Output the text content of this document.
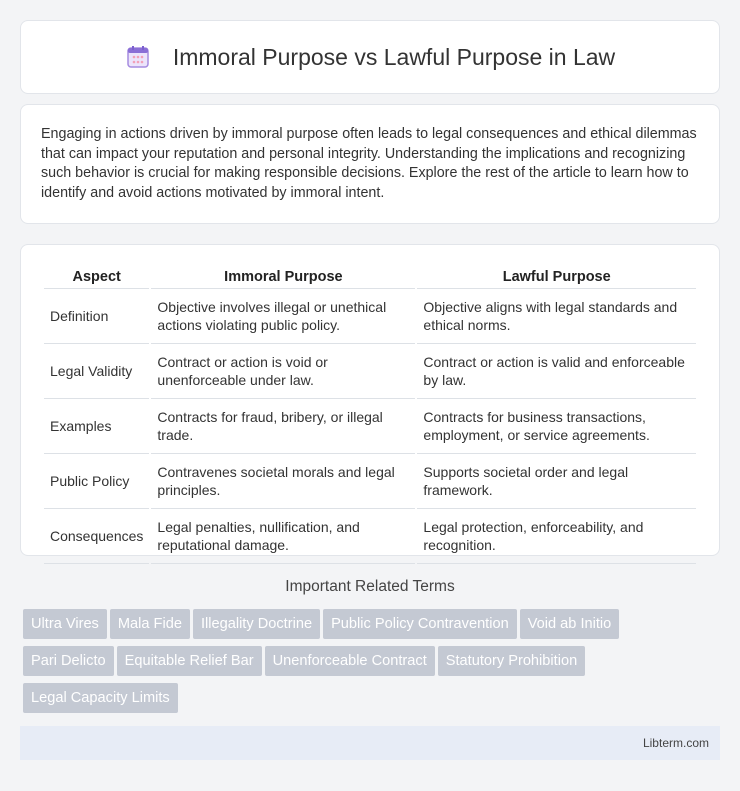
Immoral Purpose vs Lawful Purpose in Law

Engaging in actions driven by immoral purpose often leads to legal consequences and ethical dilemmas that can impact your reputation and personal integrity. Understanding the implications and recognizing such behavior is crucial for making responsible decisions. Explore the rest of the article to learn how to identify and avoid actions motivated by immoral intent.

Aspect	Immoral Purpose	Lawful Purpose
Definition	Objective involves illegal or unethical actions violating public policy.	Objective aligns with legal standards and ethical norms.
Legal Validity	Contract or action is void or unenforceable under law.	Contract or action is valid and enforceable by law.
Examples	Contracts for fraud, bribery, or illegal trade.	Contracts for business transactions, employment, or service agreements.
Public Policy	Contravenes societal morals and legal principles.	Supports societal order and legal framework.
Consequences	Legal penalties, nullification, and reputational damage.	Legal protection, enforceability, and recognition.
Important Related Terms
Ultra Vires Mala Fide Illegality Doctrine Public Policy Contravention Void ab Initio
Pari Delicto Equitable Relief Bar Unenforceable Contract Statutory Prohibition
Legal Capacity Limits
Libterm.com
